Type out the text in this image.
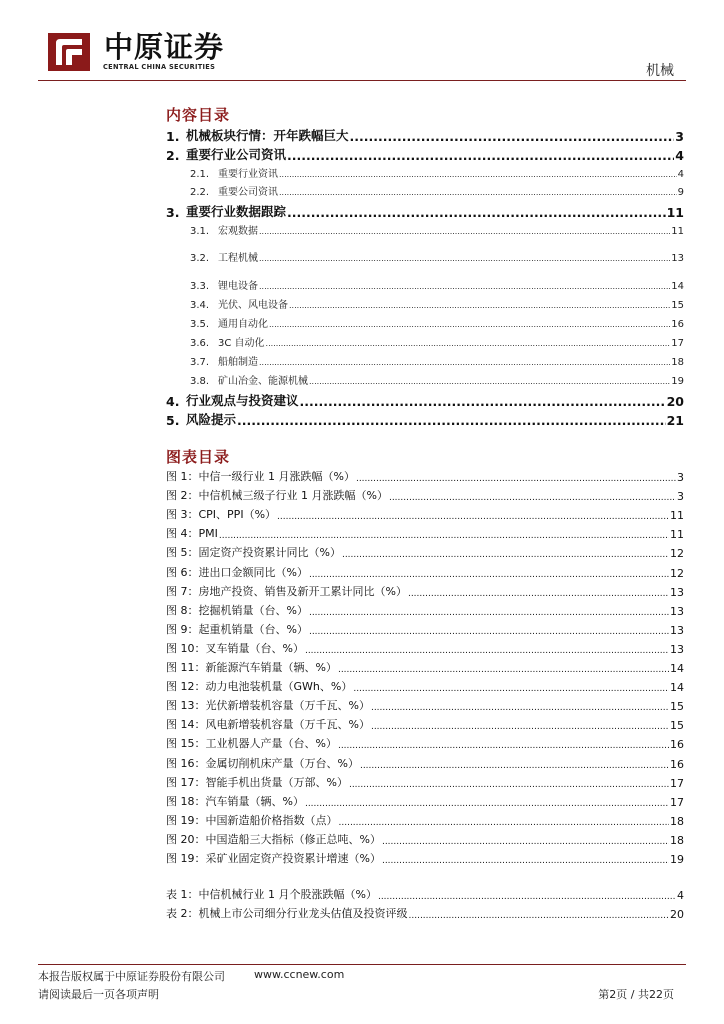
中原证券
CENTRAL CHINA SECURITIES	机械
内容目录
1. 机械板块行情：开年跌幅巨大 .....	3
2. 重要行业公司资讯 .....	4
2.1. 重要行业资讯 .....	4
2.2. 重要公司资讯 .....	9
3. 重要行业数据跟踪 .....	11
3.1. 宏观数据 .....	11
3.2. 工程机械 .....	13
3.3. 锂电设备 .....	14
3.4. 光伏、风电设备 .....	15
3.5. 通用自动化 .....	16
3.6. 3C 自动化 .....	17
3.7. 船舶制造 .....	18
3.8. 矿山冶金、能源机械 .....	19
4. 行业观点与投资建议 .....	20
5. 风险提示 .....	21
图表目录
图 1：中信一级行业 1 月涨跌幅（%） .....	3
图 2：中信机械三级子行业 1 月涨跌幅（%） .....	3
图 3：CPI、PPI（%） .....	11
图 4：PMI .....	11
图 5：固定资产投资累计同比（%） .....	12
图 6：进出口金额同比（%） .....	12
图 7：房地产投资、销售及新开工累计同比（%） .....	13
图 8：挖掘机销量（台、%） .....	13
图 9：起重机销量（台、%） .....	13
图 10：叉车销量（台、%） .....	13
图 11：新能源汽车销量（辆、%） .....	14
图 12：动力电池装机量（GWh、%） .....	14
图 13：光伏新增装机容量（万千瓦、%） .....	15
图 14：风电新增装机容量（万千瓦、%） .....	15
图 15：工业机器人产量（台、%） .....	16
图 16：金属切削机床产量（万台、%） .....	16
图 17：智能手机出货量（万部、%） .....	17
图 18：汽车销量（辆、%） .....	17
图 19：中国新造船价格指数（点） .....	18
图 20：中国造船三大指标（修正总吨、%） .....	18
图 19：采矿业固定资产投资累计增速（%） .....	19
表 1：中信机械行业 1 月个股涨跌幅（%） .....	4
表 2：机械上市公司细分行业龙头估值及投资评级 .....	20
本报告版权属于中原证券股份有限公司	www.ccnew.com
请阅读最后一页各项声明	第2页 / 共22页
